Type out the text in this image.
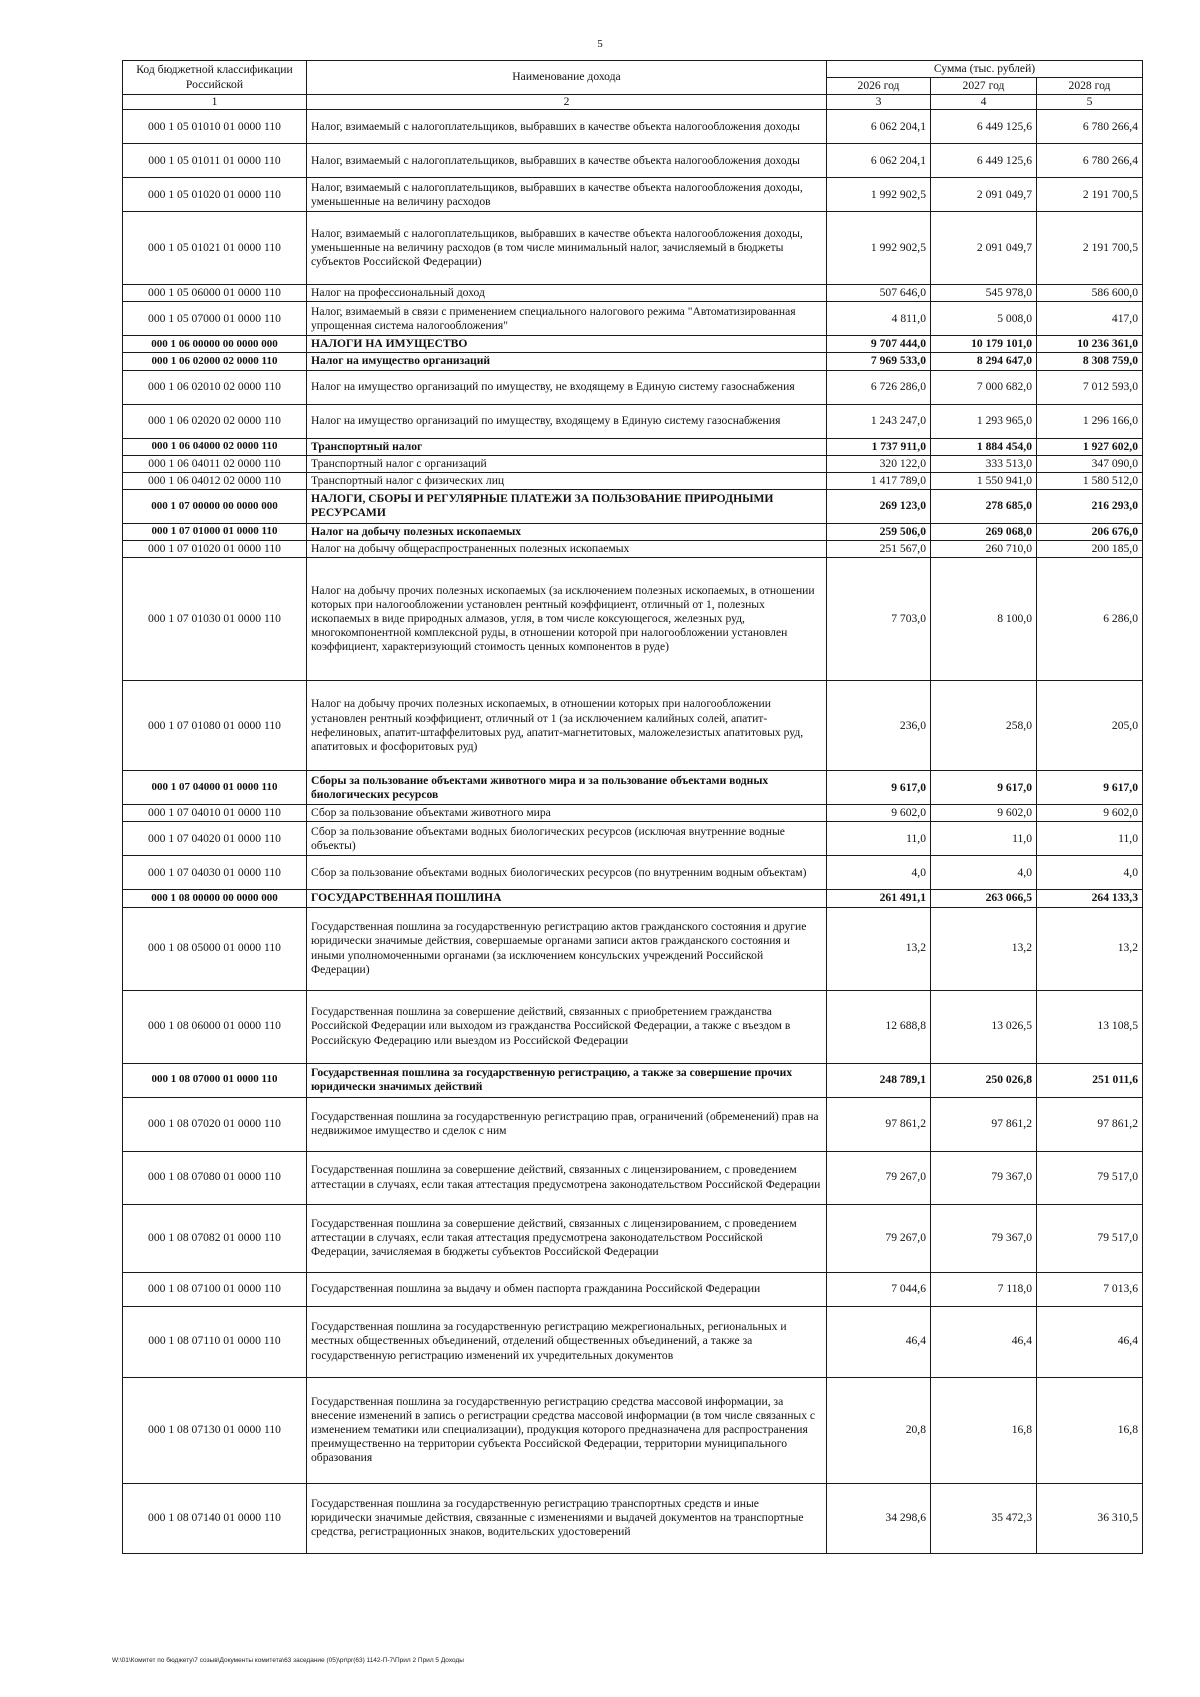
5
Код бюджетной классификации Российской	Наименование доходa	Сумма (тыс. рублей)		
		2026 год	2027 год	2028 год
1	2	3	4	5
000 1 05 01010 01 0000 110	Налог, взимаемый с налогоплательщиков, выбравших в качестве объекта налогообложения доходы	6 062 204,1	6 449 125,6	6 780 266,4
000 1 05 01011 01 0000 110	Налог, взимаемый с налогоплательщиков, выбравших в качестве объекта налогообложения доходы	6 062 204,1	6 449 125,6	6 780 266,4
000 1 05 01020 01 0000 110	Налог, взимаемый с налогоплательщиков, выбравших в качестве объекта налогообложения доходы, уменьшенные на величину расходов	1 992 902,5	2 091 049,7	2 191 700,5
000 1 05 01021 01 0000 110	Налог, взимаемый с налогоплательщиков, выбравших в качестве объекта налогообложения доходы, уменьшенные на величину расходов (в том числе минимальный налог, зачисляемый в бюджеты субъектов Российской Федерации)	1 992 902,5	2 091 049,7	2 191 700,5
000 1 05 06000 01 0000 110	Налог на профессиональный доход	507 646,0	545 978,0	586 600,0
000 1 05 07000 01 0000 110	Налог, взимаемый в связи с применением специального налогового режима "Автоматизированная упрощенная система налогообложения"	4 811,0	5 008,0	417,0
000 1 06 00000 00 0000 000	НАЛОГИ НА ИМУЩЕСТВО	9 707 444,0	10 179 101,0	10 236 361,0
000 1 06 02000 02 0000 110	Налог на имущество организаций	7 969 533,0	8 294 647,0	8 308 759,0
000 1 06 02010 02 0000 110	Налог на имущество организаций по имуществу, не входящему в Единую систему газоснабжения	6 726 286,0	7 000 682,0	7 012 593,0
000 1 06 02020 02 0000 110	Налог на имущество организаций по имуществу, входящему в Единую систему газоснабжения	1 243 247,0	1 293 965,0	1 296 166,0
000 1 06 04000 02 0000 110	Транспортный налог	1 737 911,0	1 884 454,0	1 927 602,0
000 1 06 04011 02 0000 110	Транспортный налог с организаций	320 122,0	333 513,0	347 090,0
000 1 06 04012 02 0000 110	Транспортный налог с физических лиц	1 417 789,0	1 550 941,0	1 580 512,0
000 1 07 00000 00 0000 000	НАЛОГИ, СБОРЫ И РЕГУЛЯРНЫЕ ПЛАТЕЖИ ЗА ПОЛЬЗОВАНИЕ ПРИРОДНЫМИ РЕСУРСАМИ	269 123,0	278 685,0	216 293,0
000 1 07 01000 01 0000 110	Налог на добычу полезных ископаемых	259 506,0	269 068,0	206 676,0
000 1 07 01020 01 0000 110	Налог на добычу общераспространенных полезных ископаемых	251 567,0	260 710,0	200 185,0
000 1 07 01030 01 0000 110	Налог на добычу прочих полезных ископаемых (за исключением полезных ископаемых, в отношении которых при налогообложении установлен рентный коэффициент, отличный от 1, полезных ископаемых в виде природных алмазов, угля, в том числе коксующегося, железных руд, многокомпонентной комплексной руды, в отношении которой при налогообложении установлен коэффициент, характеризующий стоимость ценных компонентов в руде)	7 703,0	8 100,0	6 286,0
000 1 07 01080 01 0000 110	Налог на добычу прочих полезных ископаемых, в отношении которых при налогообложении установлен рентный коэффициент, отличный от 1 (за исключением калийных солей, апатит-нефелиновых, апатит-штаффелитовых руд, апатит-магнетитовых, маложелезистых апатитовых руд, апатитовых и фосфоритовых руд)	236,0	258,0	205,0
000 1 07 04000 01 0000 110	Сборы за пользование объектами животного мира и за пользование объектами водных биологических ресурсов	9 617,0	9 617,0	9 617,0
000 1 07 04010 01 0000 110	Сбор за пользование объектами животного мира	9 602,0	9 602,0	9 602,0
000 1 07 04020 01 0000 110	Сбор за пользование объектами водных биологических ресурсов (исключая внутренние водные объекты)	11,0	11,0	11,0
000 1 07 04030 01 0000 110	Сбор за пользование объектами водных биологических ресурсов (по внутренним водным объектам)	4,0	4,0	4,0
000 1 08 00000 00 0000 000	ГОСУДАРСТВЕННАЯ ПОШЛИНА	261 491,1	263 066,5	264 133,3
000 1 08 05000 01 0000 110	Государственная пошлина за государственную регистрацию актов гражданского состояния и другие юридически значимые действия, совершаемые органами записи актов гражданского состояния и иными уполномоченными органами (за исключением консульских учреждений Российской Федерации)	13,2	13,2	13,2
000 1 08 06000 01 0000 110	Государственная пошлина за совершение действий, связанных с приобретением гражданства Российской Федерации или выходом из гражданства Российской Федерации, а также с въездом в Российскую Федерацию или выездом из Российской Федерации	12 688,8	13 026,5	13 108,5
000 1 08 07000 01 0000 110	Государственная пошлина за государственную регистрацию, а также за совершение прочих юридически значимых действий	248 789,1	250 026,8	251 011,6
000 1 08 07020 01 0000 110	Государственная пошлина за государственную регистрацию прав, ограничений (обременений) прав на недвижимое имущество и сделок с ним	97 861,2	97 861,2	97 861,2
000 1 08 07080 01 0000 110	Государственная пошлина за совершение действий, связанных с лицензированием, с проведением аттестации в случаях, если такая аттестация предусмотрена законодательством Российской Федерации	79 267,0	79 367,0	79 517,0
000 1 08 07082 01 0000 110	Государственная пошлина за совершение действий, связанных с лицензированием, с проведением аттестации в случаях, если такая аттестация предусмотрена законодательством Российской Федерации, зачисляемая в бюджеты субъектов Российской Федерации	79 267,0	79 367,0	79 517,0
000 1 08 07100 01 0000 110	Государственная пошлина за выдачу и обмен паспорта гражданина Российской Федерации	7 044,6	7 118,0	7 013,6
000 1 08 07110 01 0000 110	Государственная пошлина за государственную регистрацию межрегиональных, региональных и местных общественных объединений, отделений общественных объединений, а также за государственную регистрацию изменений их учредительных документов	46,4	46,4	46,4
000 1 08 07130 01 0000 110	Государственная пошлина за государственную регистрацию средства массовой информации, за внесение изменений в запись о регистрации средства массовой информации (в том числе связанных с изменением тематики или специализации), продукция которого предназначена для распространения преимущественно на территории субъекта Российской Федерации, территории муниципального образования	20,8	16,8	16,8
000 1 08 07140 01 0000 110	Государственная пошлина за государственную регистрацию транспортных средств и иные юридически значимые действия, связанные с изменениями и выдачей документов на транспортные средства, регистрационных знаков, водительских удостоверений	34 298,6	35 472,3	36 310,5
W:\01\Комитет по бюджету\7 созыв\Документы комитета\63 заседание (05)\pr\pr(63) 1142-П-7\Прил 2 Прил 5 Доходы
